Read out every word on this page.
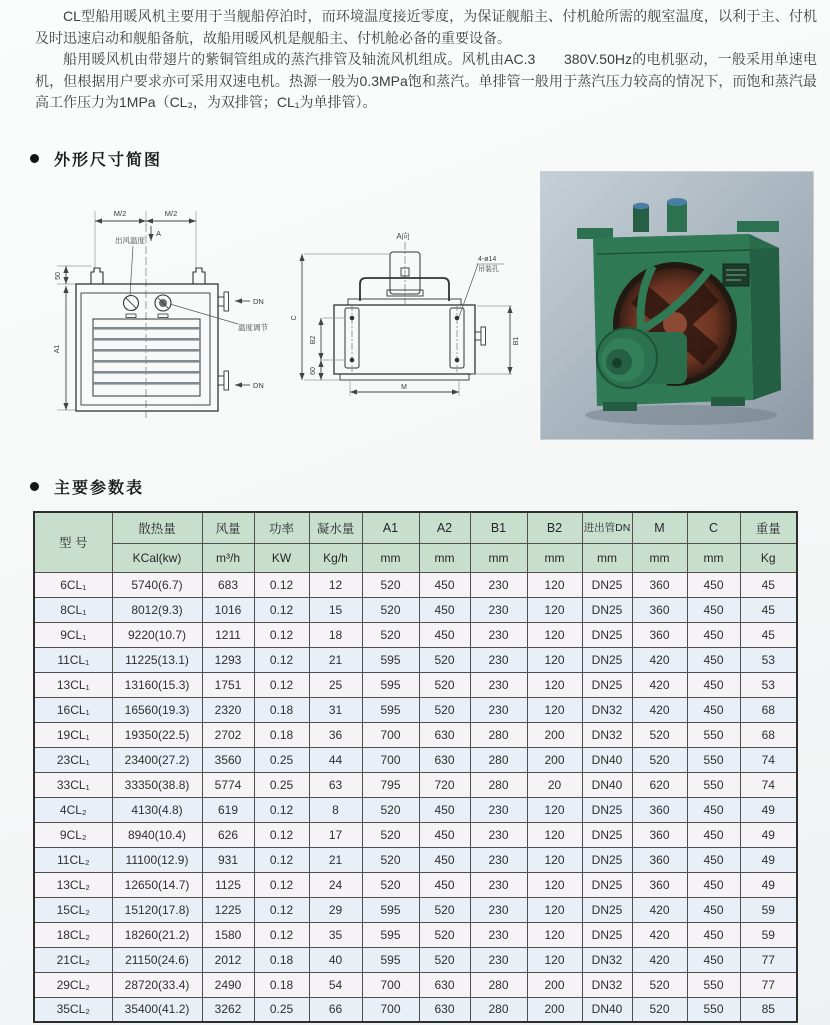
CL型船用暖风机主要用于当舰船停泊时，而环境温度接近零度，为保证舰船主、付机舱所需的舰室温度，以利于主、付机及时迅速启动和舰船备航，故船用暖风机是舰船主、付机舱必备的重要设备。

船用暖风机由带翅片的紫铜管组成的蒸汽排管及轴流风机组成。风机由AC.3　　380V.50Hz的电机驱动，一般采用单速电机，但根据用户要求亦可采用双速电机。热源一般为0.3MPa饱和蒸汽。单排管一般用于蒸汽压力较高的情况下，而饱和蒸汽最高工作压力为1MPa（CL₂，为双排管；CL₁为单排管）。

外形尺寸简图
M/2	M/2
A
出风温度
50
A1
DN
DN
温度调节
A向
4-ø14
吊装孔
C
B2
60
B1
M
主要参数表
型 号	散热量	风量	功率	凝水量	A1	A2	B1	B2	进出管DN	M	C	重量
	KCal(kw)	m³/h	KW	Kg/h	mm	mm	mm	mm	mm	mm	mm	Kg
6CL₁	5740(6.7)	683	0.12	12	520	450	230	120	DN25	360	450	45
8CL₁	8012(9.3)	1016	0.12	15	520	450	230	120	DN25	360	450	45
9CL₁	9220(10.7)	1211	0.12	18	520	450	230	120	DN25	360	450	45
11CL₁	11225(13.1)	1293	0.12	21	595	520	230	120	DN25	420	450	53
13CL₁	13160(15.3)	1751	0.12	25	595	520	230	120	DN25	420	450	53
16CL₁	16560(19.3)	2320	0.18	31	595	520	230	120	DN32	420	450	68
19CL₁	19350(22.5)	2702	0.18	36	700	630	280	200	DN32	520	550	68
23CL₁	23400(27.2)	3560	0.25	44	700	630	280	200	DN40	520	550	74
33CL₁	33350(38.8)	5774	0.25	63	795	720	280	20	DN40	620	550	74
4CL₂	4130(4.8)	619	0.12	8	520	450	230	120	DN25	360	450	49
9CL₂	8940(10.4)	626	0.12	17	520	450	230	120	DN25	360	450	49
11CL₂	11100(12.9)	931	0.12	21	520	450	230	120	DN25	360	450	49
13CL₂	12650(14.7)	1125	0.12	24	520	450	230	120	DN25	360	450	49
15CL₂	15120(17.8)	1225	0.12	29	595	520	230	120	DN25	420	450	59
18CL₂	18260(21.2)	1580	0.12	35	595	520	230	120	DN25	420	450	59
21CL₂	21150(24.6)	2012	0.18	40	595	520	230	120	DN32	420	450	77
29CL₂	28720(33.4)	2490	0.18	54	700	630	280	200	DN32	520	550	77
35CL₂	35400(41.2)	3262	0.25	66	700	630	280	200	DN40	520	550	85
